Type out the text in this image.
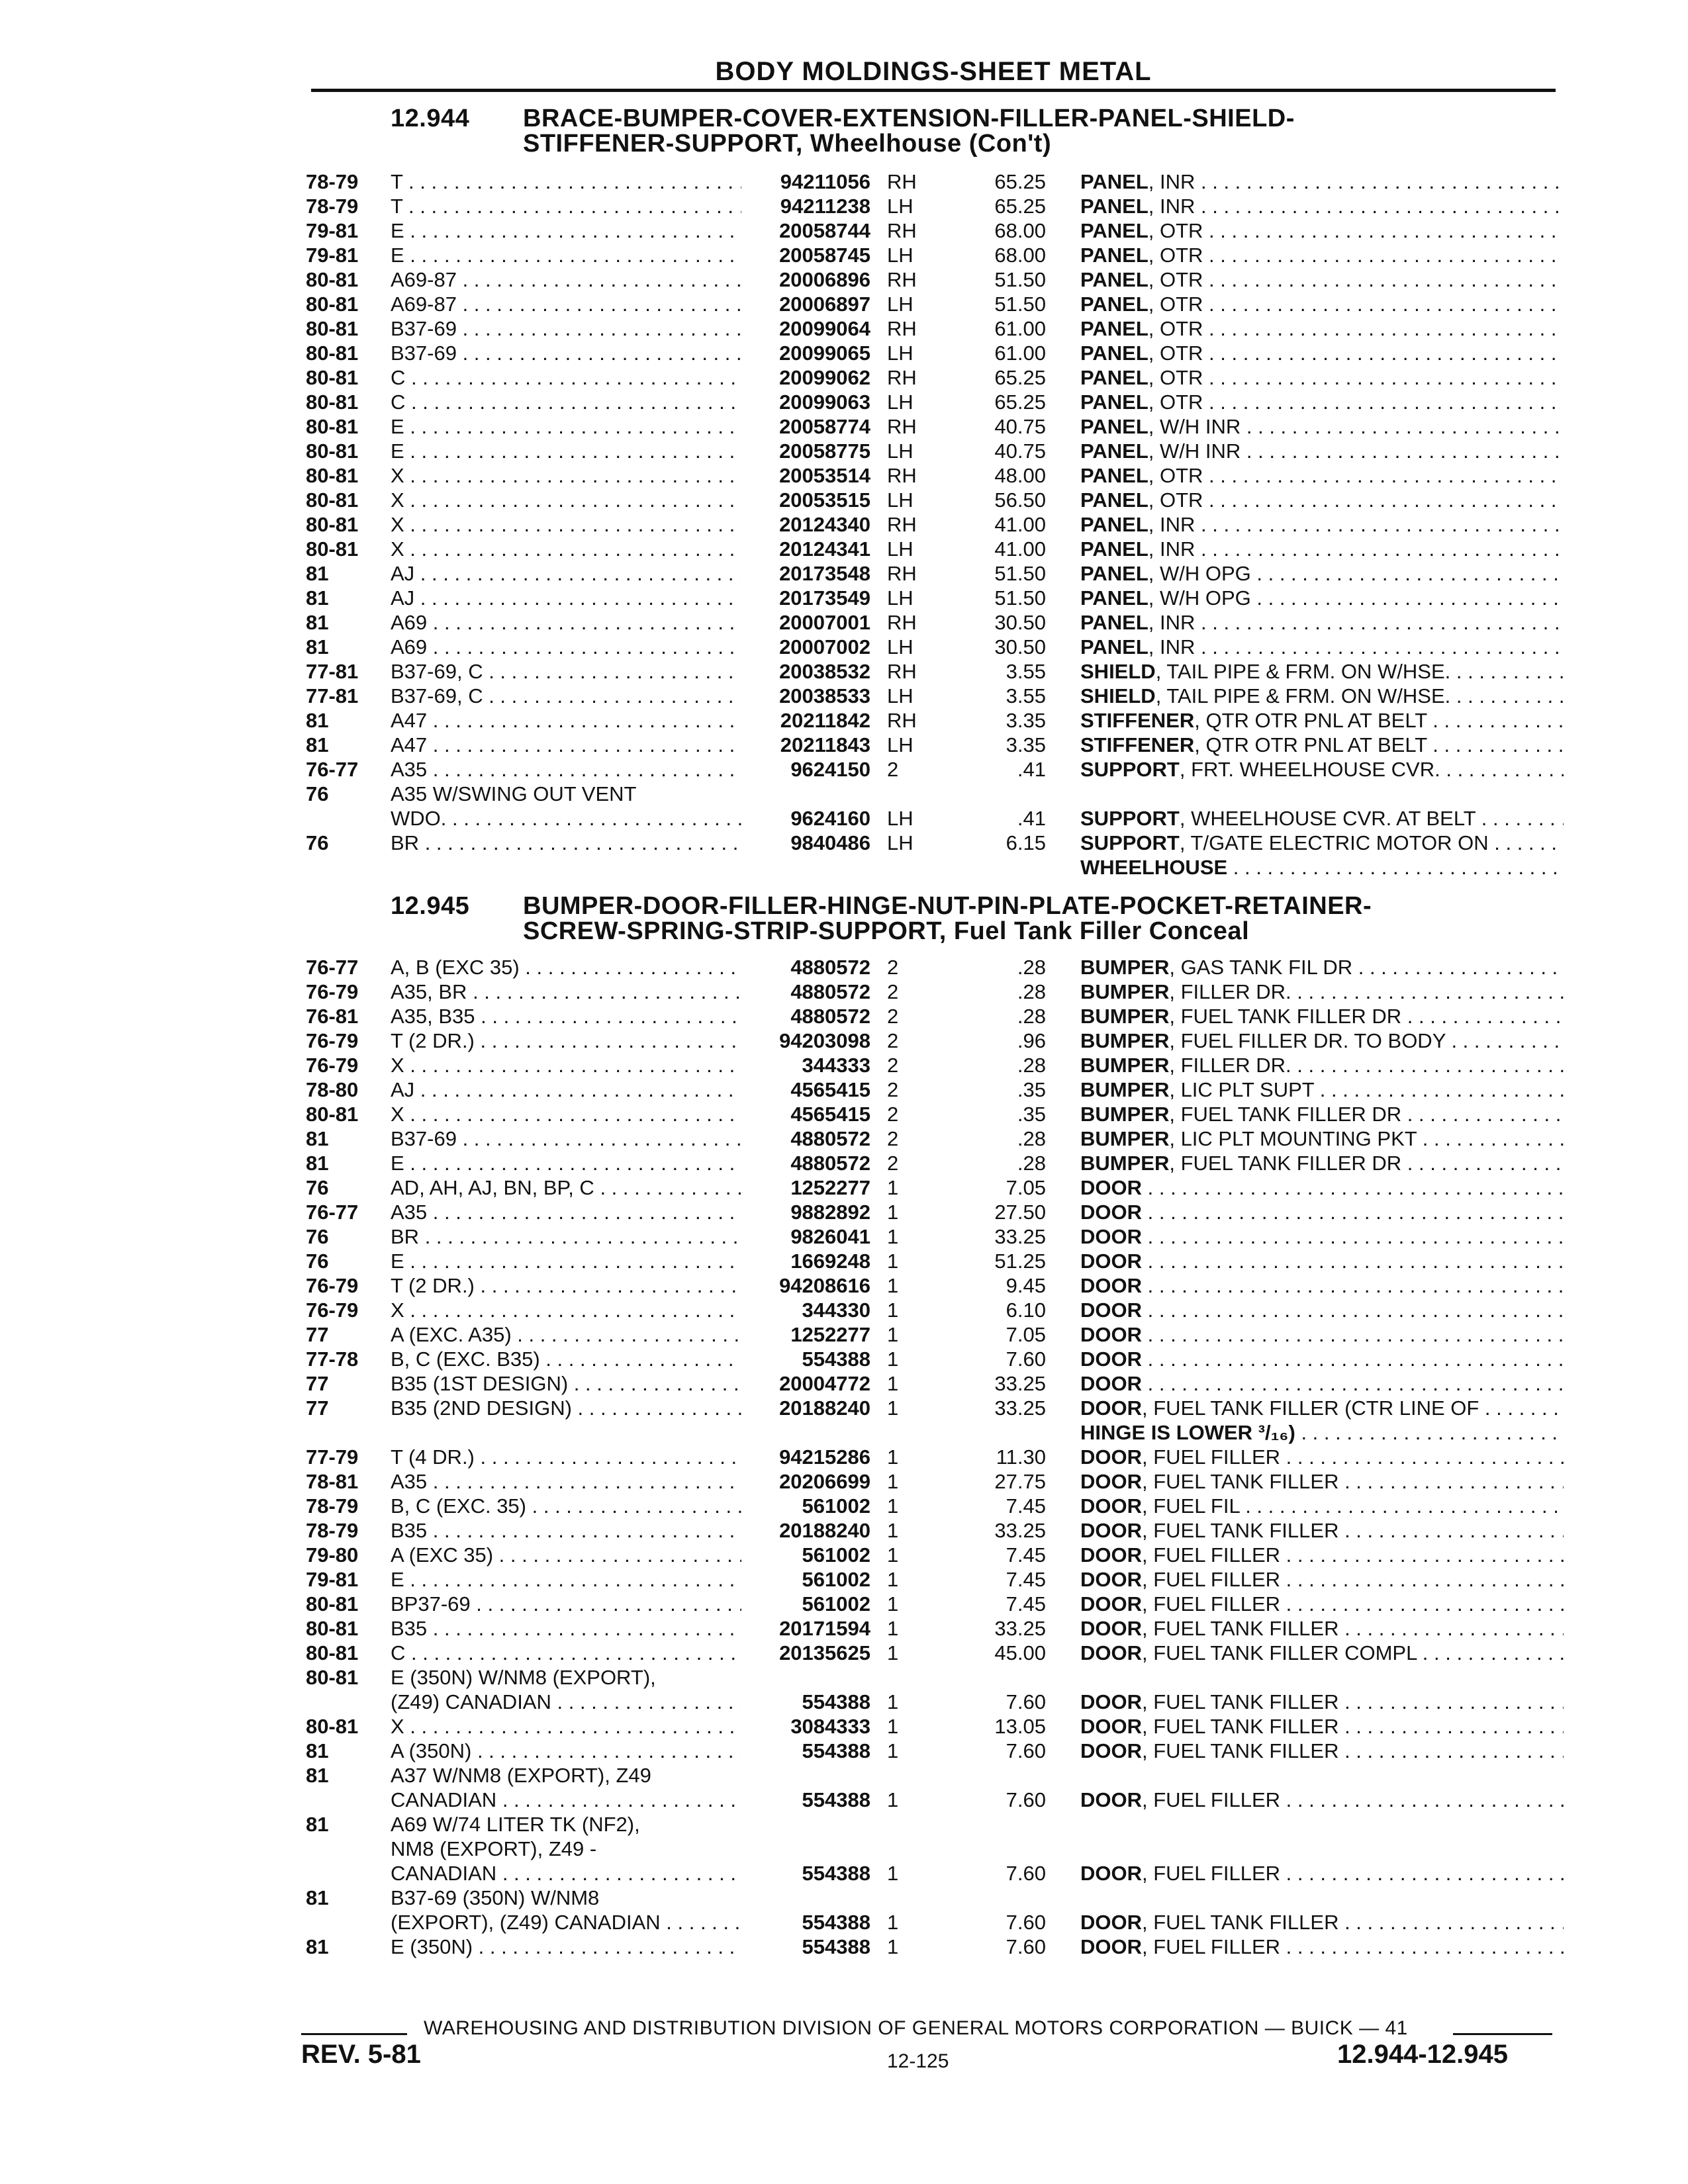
BODY MOLDINGS-SHEET METAL
12.944 BRACE-BUMPER-COVER-EXTENSION-FILLER-PANEL-SHIELD-
STIFFENER-SUPPORT, Wheelhouse (Con't)
78-79	T . . .	94211056 RH	65.25 PANEL, INR . . .
78-79	T . . .	94211238 LH	65.25 PANEL, INR . . .
79-81	E . . .	20058744 RH	68.00 PANEL, OTR . . .
79-81	E . . .	20058745 LH	68.00 PANEL, OTR . . .
80-81	A69-87 . . .	20006896 RH	51.50 PANEL, OTR . . .
80-81	A69-87 . . .	20006897 LH	51.50 PANEL, OTR . . .
80-81	B37-69 . . .	20099064 RH	61.00 PANEL, OTR . . .
80-81	B37-69 . . .	20099065 LH	61.00 PANEL, OTR . . .
80-81	C . . .	20099062 RH	65.25 PANEL, OTR . . .
80-81	C . . .	20099063 LH	65.25 PANEL, OTR . . .
80-81	E . . .	20058774 RH	40.75 PANEL, W/H INR . . .
80-81	E . . .	20058775 LH	40.75 PANEL, W/H INR . . .
80-81	X . . .	20053514 RH	48.00 PANEL, OTR . . .
80-81	X . . .	20053515 LH	56.50 PANEL, OTR . . .
80-81	X . . .	20124340 RH	41.00 PANEL, INR . . .
80-81	X . . .	20124341 LH	41.00 PANEL, INR . . .
81	AJ . . .	20173548 RH	51.50 PANEL, W/H OPG . . .
81	AJ . . .	20173549 LH	51.50 PANEL, W/H OPG . . .
81	A69 . . .	20007001 RH	30.50 PANEL, INR . . .
81	A69 . . .	20007002 LH	30.50 PANEL, INR . . .
77-81	B37-69, C . . .	20038532 RH	3.55 SHIELD, TAIL PIPE & FRM. ON W/HSE. . . .
77-81	B37-69, C . . .	20038533 LH	3.55 SHIELD, TAIL PIPE & FRM. ON W/HSE. . . .
81	A47 . . .	20211842 RH	3.35 STIFFENER, QTR OTR PNL AT BELT . . .
81	A47 . . .	20211843 LH	3.35 STIFFENER, QTR OTR PNL AT BELT . . .
76-77	A35 . . .	9624150 2	.41 SUPPORT, FRT. WHEELHOUSE CVR. . . .
76	A35 W/SWING OUT VENT
WDO. . . .	9624160 LH	.41 SUPPORT, WHEELHOUSE CVR. AT BELT . . .
76	BR . . .	9840486 LH	6.15 SUPPORT, T/GATE ELECTRIC MOTOR ON . . .
WHEELHOUSE . . .
12.945 BUMPER-DOOR-FILLER-HINGE-NUT-PIN-PLATE-POCKET-RETAINER-
SCREW-SPRING-STRIP-SUPPORT, Fuel Tank Filler Conceal
76-77	A, B (EXC 35) . . .	4880572 2	.28 BUMPER, GAS TANK FIL DR . . .
76-79	A35, BR . . .	4880572 2	.28 BUMPER, FILLER DR. . . .
76-81	A35, B35 . . .	4880572 2	.28 BUMPER, FUEL TANK FILLER DR . . .
76-79	T (2 DR.) . . .	94203098 2	.96 BUMPER, FUEL FILLER DR. TO BODY . . .
76-79	X . . .	344333 2	.28 BUMPER, FILLER DR. . . .
78-80	AJ . . .	4565415 2	.35 BUMPER, LIC PLT SUPT . . .
80-81	X . . .	4565415 2	.35 BUMPER, FUEL TANK FILLER DR . . .
81	B37-69 . . .	4880572 2	.28 BUMPER, LIC PLT MOUNTING PKT . . .
81	E . . .	4880572 2	.28 BUMPER, FUEL TANK FILLER DR . . .
76	AD, AH, AJ, BN, BP, C . . .	1252277 1	7.05 DOOR . . .
76-77	A35 . . .	9882892 1	27.50 DOOR . . .
76	BR . . .	9826041 1	33.25 DOOR . . .
76	E . . .	1669248 1	51.25 DOOR . . .
76-79	T (2 DR.) . . .	94208616 1	9.45 DOOR . . .
76-79	X . . .	344330 1	6.10 DOOR . . .
77	A (EXC. A35) . . .	1252277 1	7.05 DOOR . . .
77-78	B, C (EXC. B35) . . .	554388 1	7.60 DOOR . . .
77	B35 (1ST DESIGN) . . .	20004772 1	33.25 DOOR . . .
77	B35 (2ND DESIGN) . . .	20188240 1	33.25 DOOR, FUEL TANK FILLER (CTR LINE OF . . .
HINGE IS LOWER ³/₁₆) . . .
77-79	T (4 DR.) . . .	94215286 1	11.30 DOOR, FUEL FILLER . . .
78-81	A35 . . .	20206699 1	27.75 DOOR, FUEL TANK FILLER . . .
78-79	B, C (EXC. 35) . . .	561002 1	7.45 DOOR, FUEL FIL . . .
78-79	B35 . . .	20188240 1	33.25 DOOR, FUEL TANK FILLER . . .
79-80	A (EXC 35) . . .	561002 1	7.45 DOOR, FUEL FILLER . . .
79-81	E . . .	561002 1	7.45 DOOR, FUEL FILLER . . .
80-81	BP37-69 . . .	561002 1	7.45 DOOR, FUEL FILLER . . .
80-81	B35 . . .	20171594 1	33.25 DOOR, FUEL TANK FILLER . . .
80-81	C . . .	20135625 1	45.00 DOOR, FUEL TANK FILLER COMPL . . .
80-81	E (350N) W/NM8 (EXPORT),
(Z49) CANADIAN . . .	554388 1	7.60 DOOR, FUEL TANK FILLER . . .
80-81	X . . .	3084333 1	13.05 DOOR, FUEL TANK FILLER . . .
81	A (350N) . . .	554388 1	7.60 DOOR, FUEL TANK FILLER . . .
81	A37 W/NM8 (EXPORT), Z49
CANADIAN . . .	554388 1	7.60 DOOR, FUEL FILLER . . .
81	A69 W/74 LITER TK (NF2),
NM8 (EXPORT), Z49 -
CANADIAN . . .	554388 1	7.60 DOOR, FUEL FILLER . . .
81	B37-69 (350N) W/NM8
(EXPORT), (Z49) CANADIAN . . .	554388 1	7.60 DOOR, FUEL TANK FILLER . . .
81	E (350N) . . .	554388 1	7.60 DOOR, FUEL FILLER . . .
WAREHOUSING AND DISTRIBUTION DIVISION OF GENERAL MOTORS CORPORATION — BUICK — 41
REV. 5-81	12-125	12.944-12.945
